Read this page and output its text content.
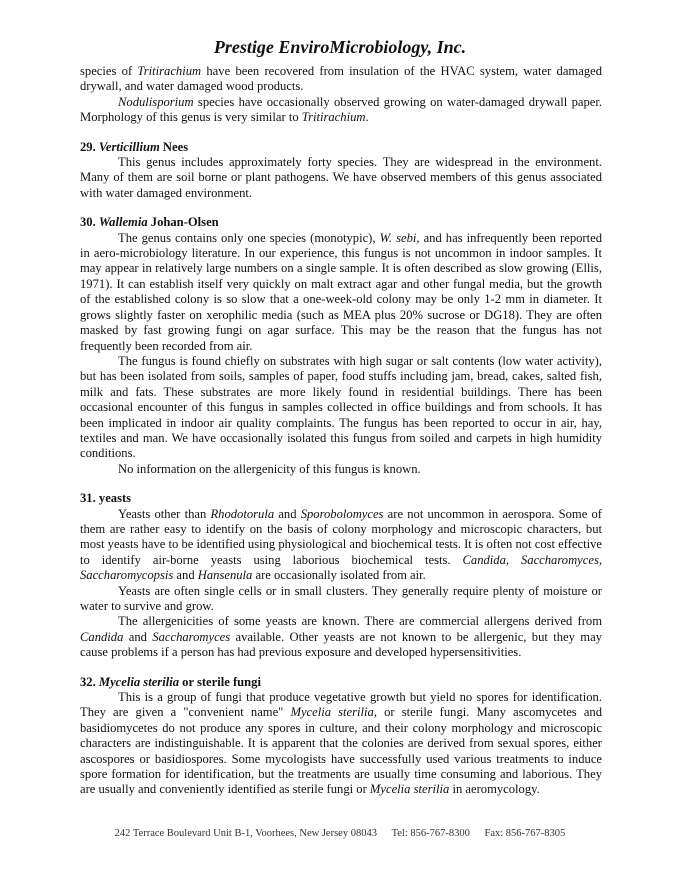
Prestige EnviroMicrobiology, Inc.

species of Tritirachium have been recovered from insulation of the HVAC system, water damaged drywall, and water damaged wood products.

Nodulisporium species have occasionally observed growing on water-damaged drywall paper. Morphology of this genus is very similar to Tritirachium.

29. Verticillium Nees

This genus includes approximately forty species. They are widespread in the environment. Many of them are soil borne or plant pathogens. We have observed members of this genus associated with water damaged environment.

30. Wallemia Johan-Olsen

The genus contains only one species (monotypic), W. sebi, and has infrequently been reported in aero-microbiology literature. In our experience, this fungus is not uncommon in indoor samples. It may appear in relatively large numbers on a single sample. It is often described as slow growing (Ellis, 1971). It can establish itself very quickly on malt extract agar and other fungal media, but the growth of the established colony is so slow that a one-week-old colony may be only 1-2 mm in diameter. It grows slightly faster on xerophilic media (such as MEA plus 20% sucrose or DG18). They are often masked by fast growing fungi on agar surface. This may be the reason that the fungus has not frequently been recorded from air.

The fungus is found chiefly on substrates with high sugar or salt contents (low water activity), but has been isolated from soils, samples of paper, food stuffs including jam, bread, cakes, salted fish, milk and fats. These substrates are more likely found in residential buildings. There has been occasional encounter of this fungus in samples collected in office buildings and from schools. It has been implicated in indoor air quality complaints. The fungus has been reported to occur in air, hay, textiles and man. We have occasionally isolated this fungus from soiled and carpets in high humidity conditions.

No information on the allergenicity of this fungus is known.

31. yeasts

Yeasts other than Rhodotorula and Sporobolomyces are not uncommon in aerospora. Some of them are rather easy to identify on the basis of colony morphology and microscopic characters, but most yeasts have to be identified using physiological and biochemical tests. It is often not cost effective to identify air-borne yeasts using laborious biochemical tests. Candida, Saccharomyces, Saccharomycopsis and Hansenula are occasionally isolated from air.

Yeasts are often single cells or in small clusters. They generally require plenty of moisture or water to survive and grow.

The allergenicities of some yeasts are known. There are commercial allergens derived from Candida and Saccharomyces available. Other yeasts are not known to be allergenic, but they may cause problems if a person has had previous exposure and developed hypersensitivities.

32. Mycelia sterilia or sterile fungi

This is a group of fungi that produce vegetative growth but yield no spores for identification. They are given a "convenient name" Mycelia sterilia, or sterile fungi. Many ascomycetes and basidiomycetes do not produce any spores in culture, and their colony morphology and microscopic characters are indistinguishable. It is apparent that the colonies are derived from sexual spores, either ascospores or basidiospores. Some mycologists have successfully used various treatments to induce spore formation for identification, but the treatments are usually time consuming and laborious. They are usually and conveniently identified as sterile fungi or Mycelia sterilia in aeromycology.

242 Terrace Boulevard Unit B-1, Voorhees, New Jersey 08043 Tel: 856-767-8300 Fax: 856-767-8305
